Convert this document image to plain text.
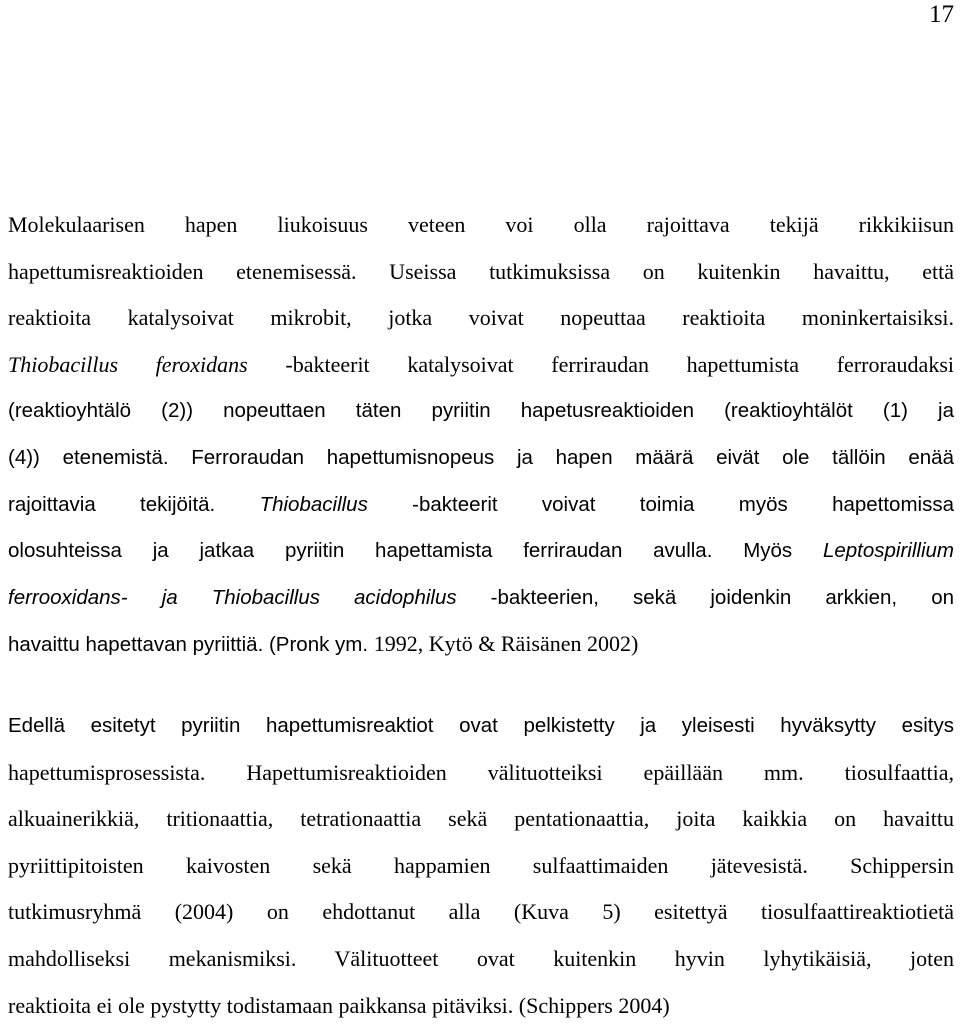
17
Molekulaarisen hapen liukoisuus veteen voi olla rajoittava tekijä rikkikiisun
hapettumisreaktioiden etenemisessä. Useissa tutkimuksissa on kuitenkin havaittu, että
reaktioita katalysoivat mikrobit, jotka voivat nopeuttaa reaktioita moninkertaisiksi.
Thiobacillus feroxidans -bakteerit katalysoivat ferriraudan hapettumista ferroraudaksi
(reaktioyhtälö (2)) nopeuttaen täten pyriitin hapetusreaktioiden (reaktioyhtälöt (1) ja
(4)) etenemistä. Ferroraudan hapettumisnopeus ja hapen määrä eivät ole tällöin enää
rajoittavia tekijöitä. Thiobacillus -bakteerit voivat toimia myös hapettomissa
olosuhteissa ja jatkaa pyriitin hapettamista ferriraudan avulla. Myös Leptospirillium
ferrooxidans- ja Thiobacillus acidophilus -bakteerien, sekä joidenkin arkkien, on
havaittu hapettavan pyriittiä. (Pronk ym. 1992, Kytö & Räisänen 2002)
Edellä esitetyt pyriitin hapettumisreaktiot ovat pelkistetty ja yleisesti hyväksytty esitys
hapettumisprosessista. Hapettumisreaktioiden välituotteiksi epäillään mm. tiosulfaattia,
alkuainerikkiä, tritionaattia, tetrationaattia sekä pentationaattia, joita kaikkia on havaittu
pyriittipitoisten kaivosten sekä happamien sulfaattimaiden jätevesistä. Schippersin
tutkimusryhmä (2004) on ehdottanut alla (Kuva 5) esitettyä tiosulfaattireaktiotietä
mahdolliseksi mekanismiksi. Välituotteet ovat kuitenkin hyvin lyhytikäisiä, joten
reaktioita ei ole pystytty todistamaan paikkansa pitäviksi. (Schippers 2004)
